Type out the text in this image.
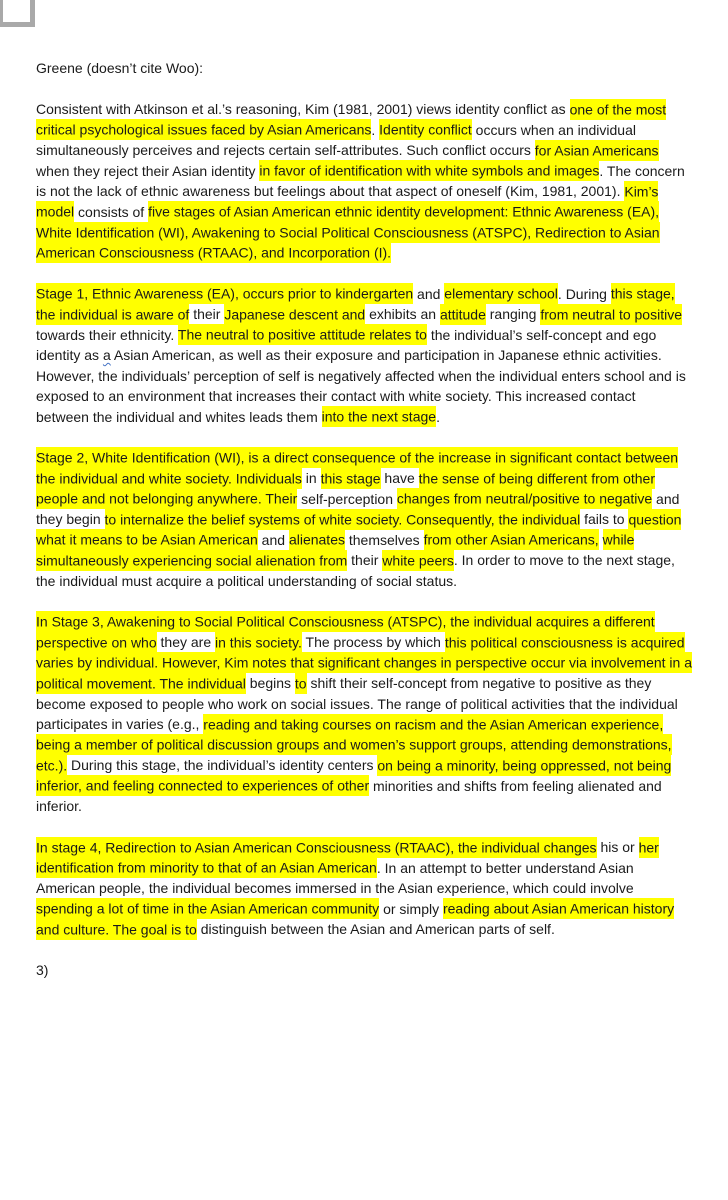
Greene (doesn’t cite Woo):

Consistent with Atkinson et al.’s reasoning, Kim (1981, 2001) views identity conflict as one of the most critical psychological issues faced by Asian Americans. Identity conflict occurs when an individual simultaneously perceives and rejects certain self-attributes. Such conflict occurs for Asian Americans when they reject their Asian identity in favor of identification with white symbols and images. The concern is not the lack of ethnic awareness but feelings about that aspect of oneself (Kim, 1981, 2001). Kim’s model consists of five stages of Asian American ethnic identity development: Ethnic Awareness (EA), White Identification (WI), Awakening to Social Political Consciousness (ATSPC), Redirection to Asian American Consciousness (RTAAC), and Incorporation (I).

Stage 1, Ethnic Awareness (EA), occurs prior to kindergarten and elementary school. During this stage, the individual is aware of their Japanese descent and exhibits an attitude ranging from neutral to positive towards their ethnicity. The neutral to positive attitude relates to the individual’s self-concept and ego identity as a Asian American, as well as their exposure and participation in Japanese ethnic activities. However, the individuals’ perception of self is negatively affected when the individual enters school and is exposed to an environment that increases their contact with white society. This increased contact between the individual and whites leads them into the next stage.

Stage 2, White Identification (WI), is a direct consequence of the increase in significant contact between the individual and white society. Individuals in this stage have the sense of being different from other people and not belonging anywhere. Their self-perception changes from neutral/positive to negative and they begin to internalize the belief systems of white society. Consequently, the individual fails to question what it means to be Asian American and alienates themselves from other Asian Americans, while simultaneously experiencing social alienation from their white peers. In order to move to the next stage, the individual must acquire a political understanding of social status.

In Stage 3, Awakening to Social Political Consciousness (ATSPC), the individual acquires a different perspective on who they are in this society. The process by which this political consciousness is acquired varies by individual. However, Kim notes that significant changes in perspective occur via involvement in a political movement. The individual begins to shift their self-concept from negative to positive as they become exposed to people who work on social issues. The range of political activities that the individual participates in varies (e.g., reading and taking courses on racism and the Asian American experience, being a member of political discussion groups and women’s support groups, attending demonstrations, etc.). During this stage, the individual’s identity centers on being a minority, being oppressed, not being inferior, and feeling connected to experiences of other minorities and shifts from feeling alienated and inferior.

In stage 4, Redirection to Asian American Consciousness (RTAAC), the individual changes his or her identification from minority to that of an Asian American. In an attempt to better understand Asian American people, the individual becomes immersed in the Asian experience, which could involve spending a lot of time in the Asian American community or simply reading about Asian American history and culture. The goal is to distinguish between the Asian and American parts of self.

3)
